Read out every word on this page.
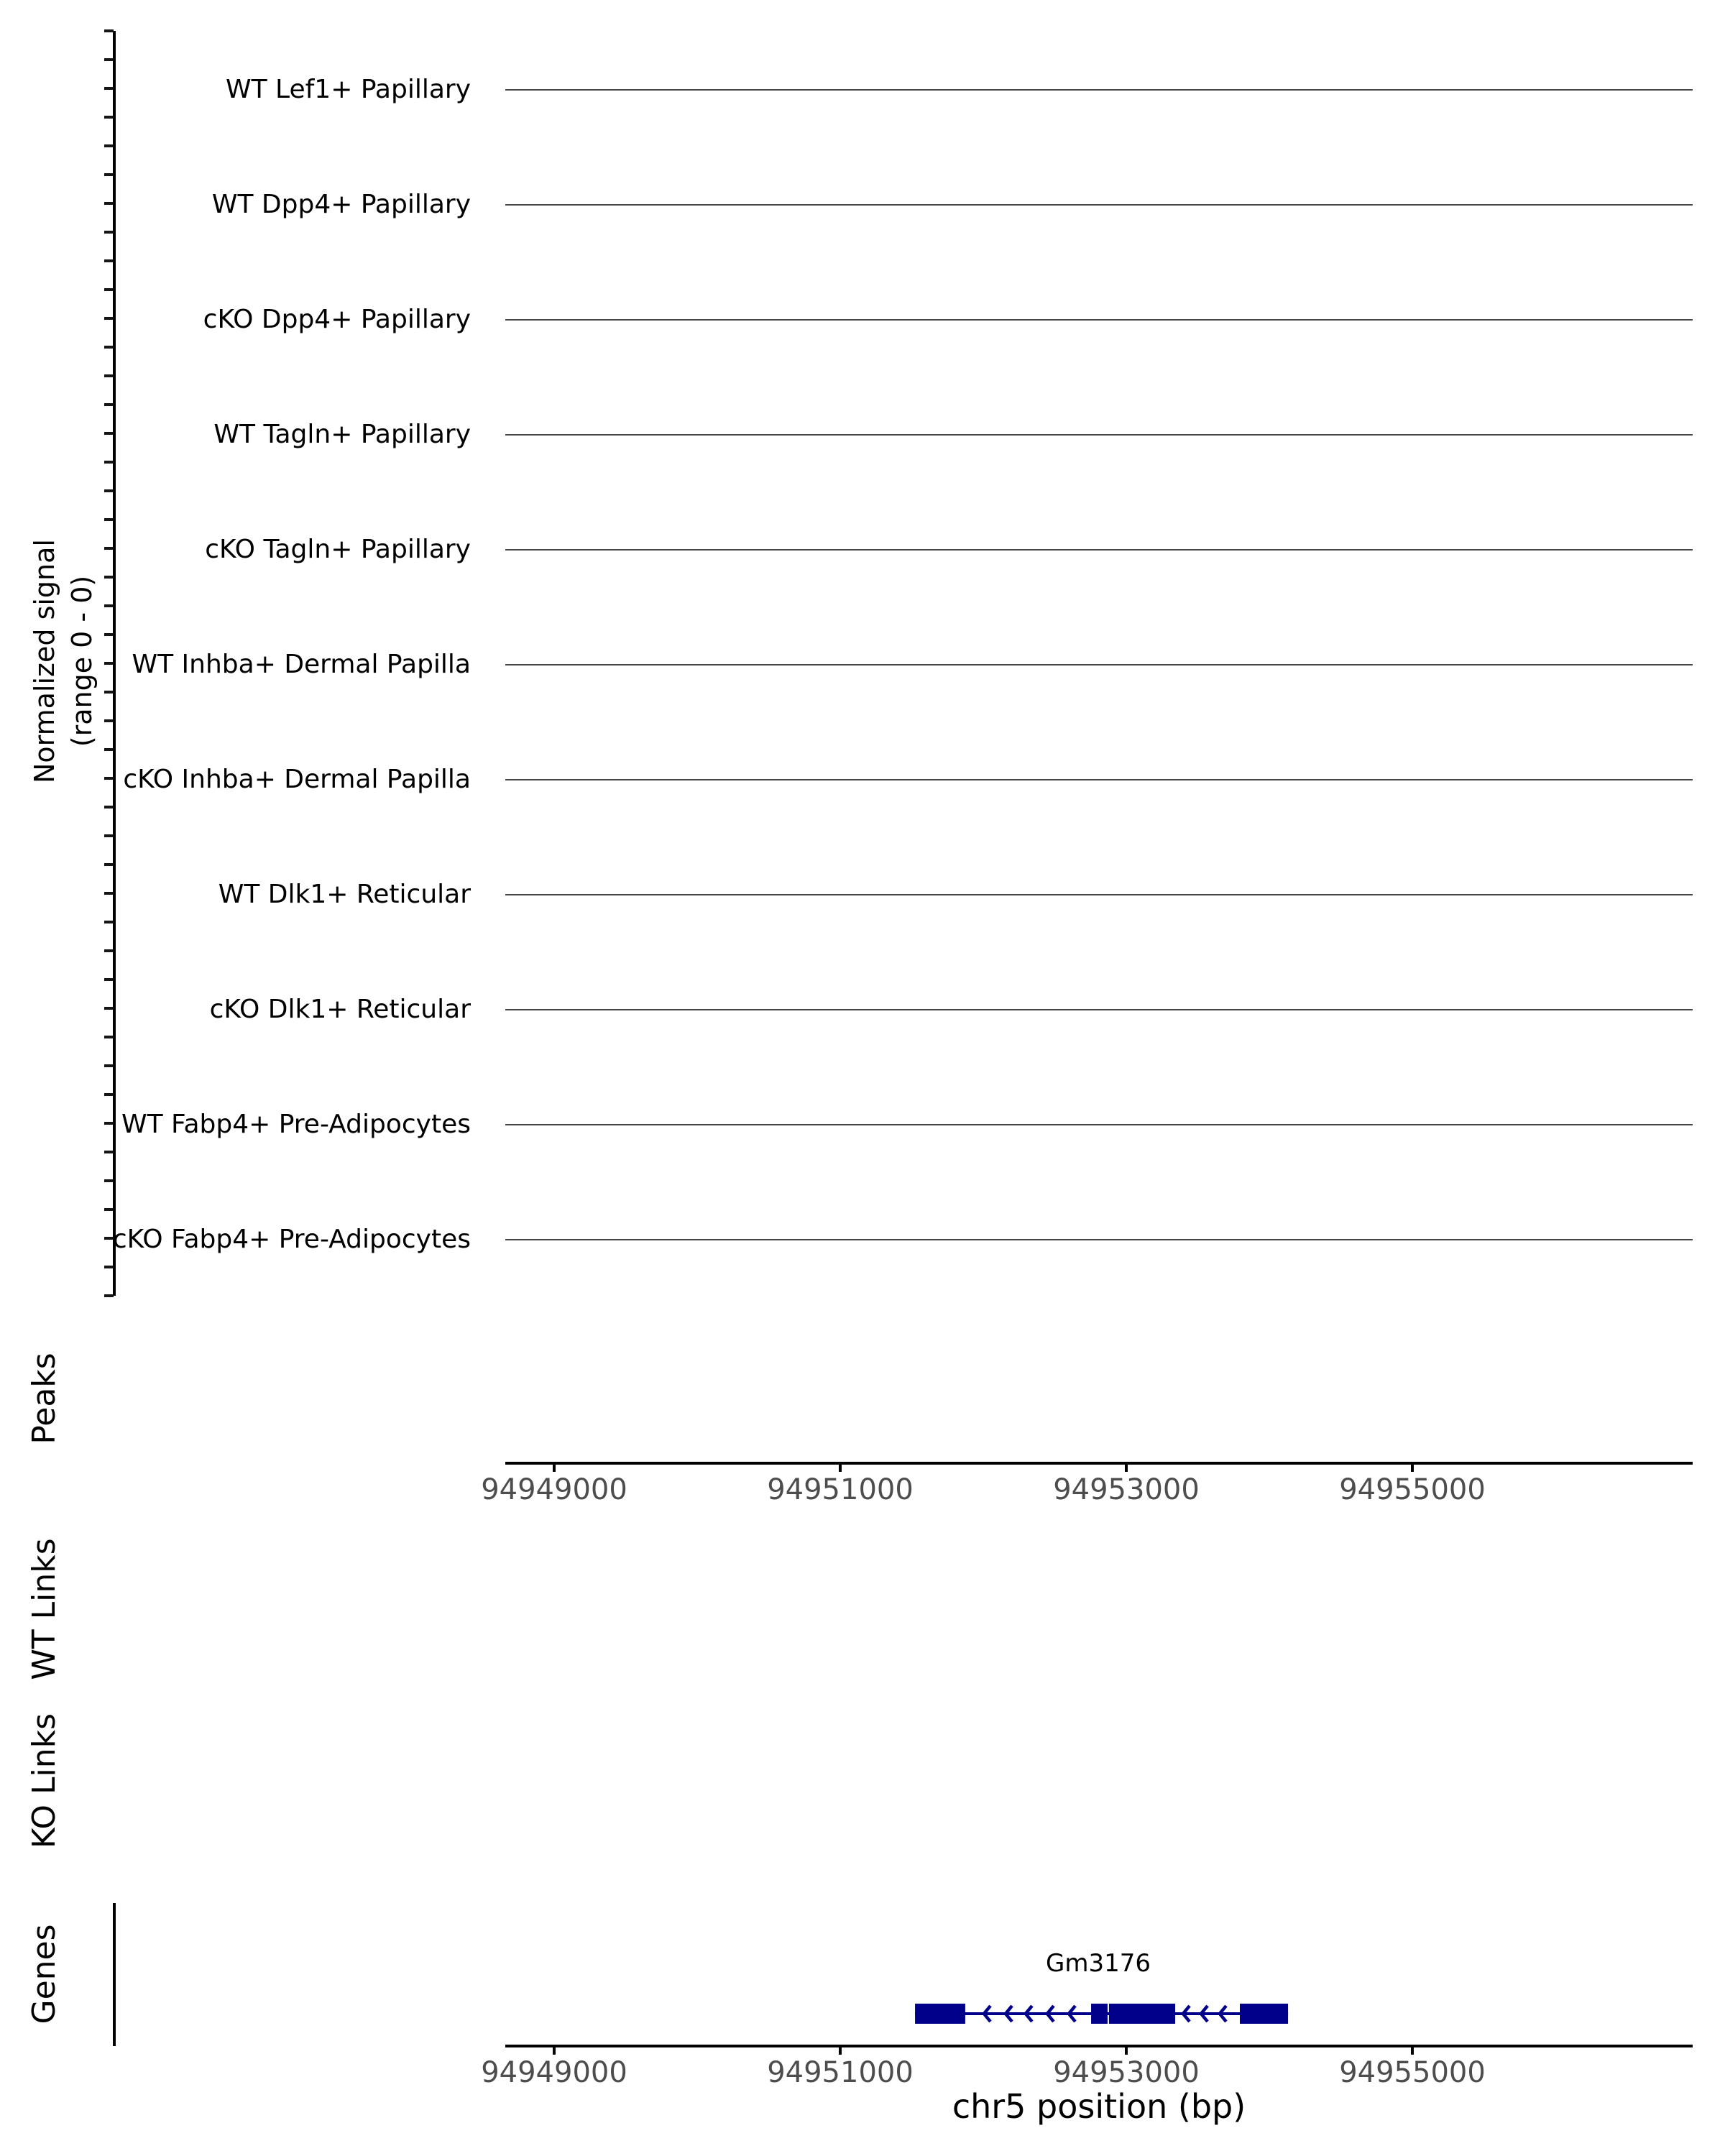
Normalized signal (range 0 - 0)
WT Lef1+ Papillary
WT Dpp4+ Papillary
cKO Dpp4+ Papillary
WT Tagln+ Papillary
cKO Tagln+ Papillary
WT Inhba+ Dermal Papilla
cKO Inhba+ Dermal Papilla
WT Dlk1+ Reticular
cKO Dlk1+ Reticular
WT Fabp4+ Pre-Adipocytes
cKO Fabp4+ Pre-Adipocytes
Peaks
WT Links
KO Links
Genes
94949000	94951000	94953000	94955000
Gm3176
94949000	94951000	94953000	94955000
chr5 position (bp)
